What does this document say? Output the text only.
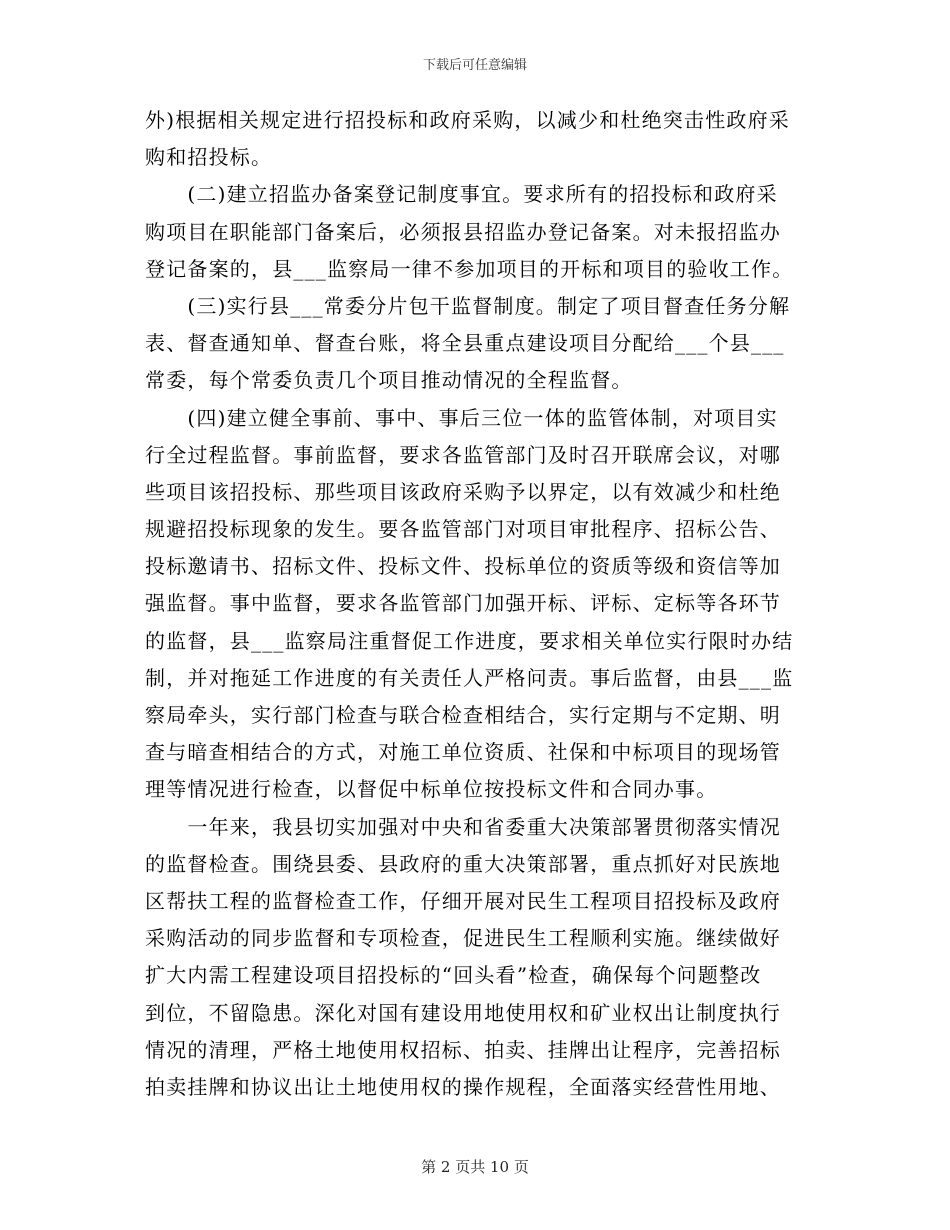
下载后可任意编辑
外)根据相关规定进行招投标和政府采购，以减少和杜绝突击性政府采
购和招投标。
　　(二)建立招监办备案登记制度事宜。要求所有的招投标和政府采
购项目在职能部门备案后，必须报县招监办登记备案。对未报招监办
登记备案的，县___监察局一律不参加项目的开标和项目的验收工作。
　　(三)实行县___常委分片包干监督制度。制定了项目督查任务分解
表、督查通知单、督查台账，将全县重点建设项目分配给___个县___
常委，每个常委负责几个项目推动情况的全程监督。
　　(四)建立健全事前、事中、事后三位一体的监管体制，对项目实
行全过程监督。事前监督，要求各监管部门及时召开联席会议，对哪
些项目该招投标、那些项目该政府采购予以界定，以有效减少和杜绝
规避招投标现象的发生。要各监管部门对项目审批程序、招标公告、
投标邀请书、招标文件、投标文件、投标单位的资质等级和资信等加
强监督。事中监督，要求各监管部门加强开标、评标、定标等各环节
的监督，县___监察局注重督促工作进度，要求相关单位实行限时办结
制，并对拖延工作进度的有关责任人严格问责。事后监督，由县___监
察局牵头，实行部门检查与联合检查相结合，实行定期与不定期、明
查与暗查相结合的方式，对施工单位资质、社保和中标项目的现场管
理等情况进行检查，以督促中标单位按投标文件和合同办事。
　　一年来，我县切实加强对中央和省委重大决策部署贯彻落实情况
的监督检查。围绕县委、县政府的重大决策部署，重点抓好对民族地
区帮扶工程的监督检查工作，仔细开展对民生工程项目招投标及政府
采购活动的同步监督和专项检查，促进民生工程顺利实施。继续做好
扩大内需工程建设项目招投标的“回头看”检查，确保每个问题整改
到位，不留隐患。深化对国有建设用地使用权和矿业权出让制度执行
情况的清理，严格土地使用权招标、拍卖、挂牌出让程序，完善招标
拍卖挂牌和协议出让土地使用权的操作规程，全面落实经营性用地、
第 2 页共 10 页
